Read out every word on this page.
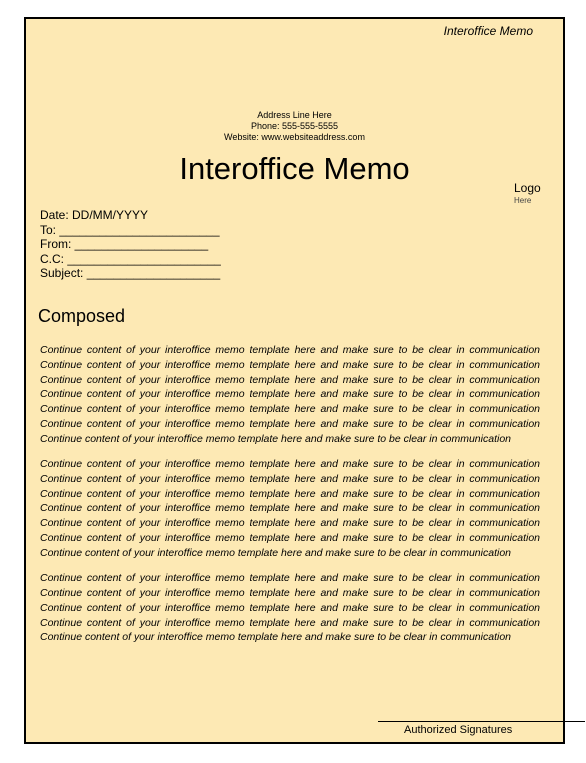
Interoffice Memo
Address Line Here
Phone: 555-555-5555
Website: www.websiteaddress.com
Interoffice Memo
Logo
Here
Date: DD/MM/YYYY
To: ________________________
From: ____________________
C.C: _______________________
Subject: ____________________
Composed

Continue content of your interoffice memo template here and make sure to be clear in communication Continue content of your interoffice memo template here and make sure to be clear in communication Continue content of your interoffice memo template here and make sure to be clear in communication Continue content of your interoffice memo template here and make sure to be clear in communication Continue content of your interoffice memo template here and make sure to be clear in communication Continue content of your interoffice memo template here and make sure to be clear in communication Continue content of your interoffice memo template here and make sure to be clear in communication

Continue content of your interoffice memo template here and make sure to be clear in communication Continue content of your interoffice memo template here and make sure to be clear in communication Continue content of your interoffice memo template here and make sure to be clear in communication Continue content of your interoffice memo template here and make sure to be clear in communication Continue content of your interoffice memo template here and make sure to be clear in communication Continue content of your interoffice memo template here and make sure to be clear in communication Continue content of your interoffice memo template here and make sure to be clear in communication

Continue content of your interoffice memo template here and make sure to be clear in communication Continue content of your interoffice memo template here and make sure to be clear in communication Continue content of your interoffice memo template here and make sure to be clear in communication Continue content of your interoffice memo template here and make sure to be clear in communication Continue content of your interoffice memo template here and make sure to be clear in communication

Authorized Signatures
